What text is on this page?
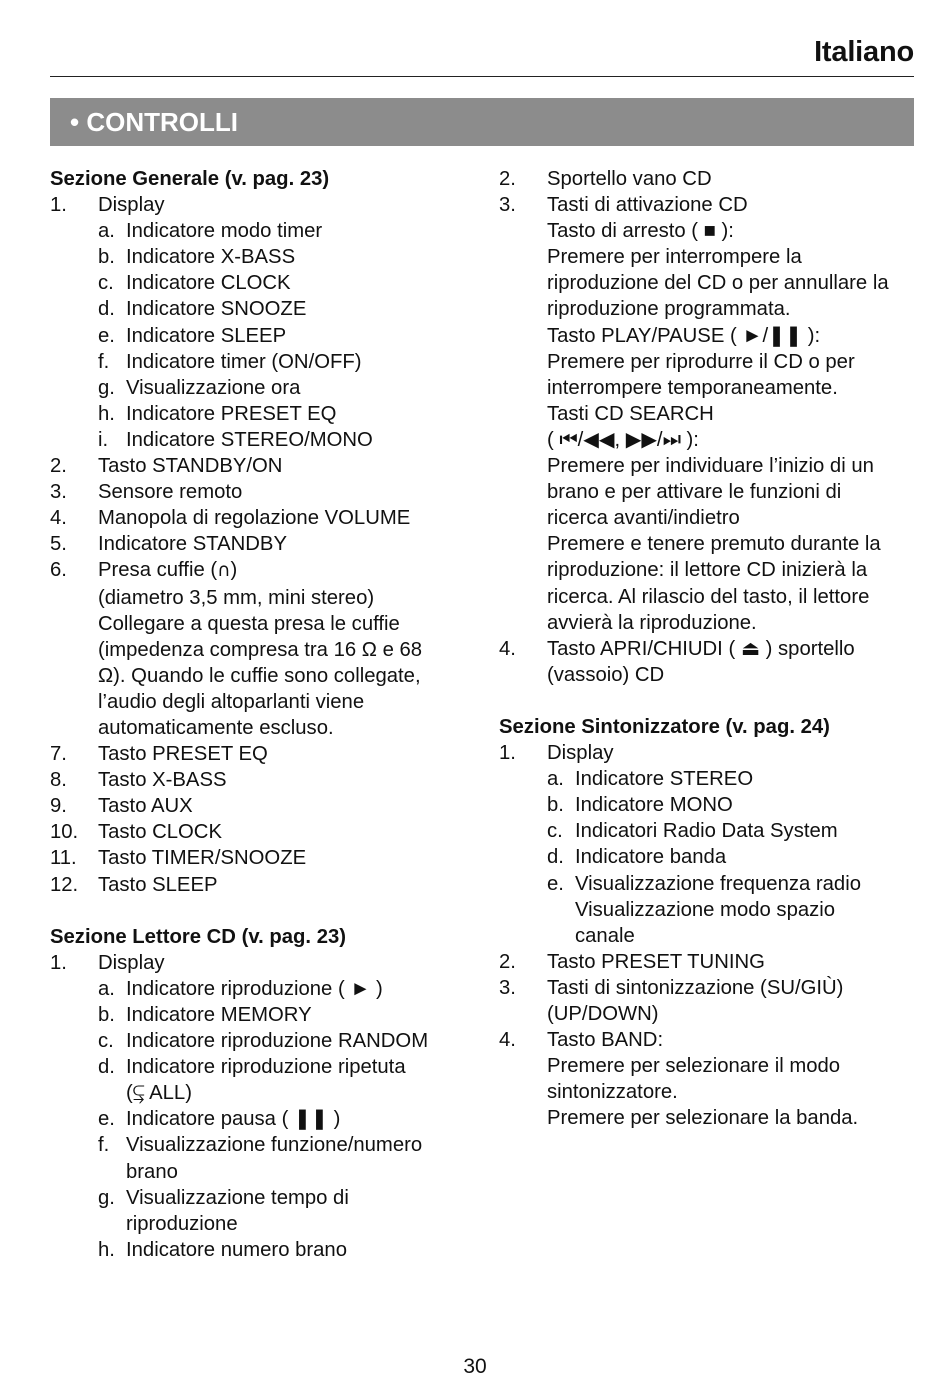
Italiano
• CONTROLLI
Sezione Generale (v. pag. 23)
1.	Display
a. Indicatore modo timer
b. Indicatore X-BASS
c. Indicatore CLOCK
d. Indicatore SNOOZE
e. Indicatore SLEEP
f. Indicatore timer (ON/OFF)
g. Visualizzazione ora
h. Indicatore PRESET EQ
i. Indicatore STEREO/MONO
2.	Tasto STANDBY/ON
3.	Sensore remoto
4.	Manopola di regolazione VOLUME
5.	Indicatore STANDBY
6.	Presa cuffie (∩)
(diametro 3,5 mm, mini stereo)
Collegare a questa presa le cuffie
(impedenza compresa tra 16 Ω e 68
Ω). Quando le cuffie sono collegate,
l’audio degli altoparlanti viene
automaticamente escluso.
7.	Tasto PRESET EQ
8.	Tasto X-BASS
9.	Tasto AUX
10. Tasto CLOCK
11.	Tasto TIMER/SNOOZE
12. Tasto SLEEP
Sezione Lettore CD (v. pag. 23)
1.	Display
a. Indicatore riproduzione ( ► )
b. Indicatore MEMORY
c. Indicatore riproduzione RANDOM
d. Indicatore riproduzione ripetuta
(⥹ ALL)
e. Indicatore pausa ( ❚❚ )
f. Visualizzazione funzione/numero
brano
g. Visualizzazione tempo di
riproduzione
h. Indicatore numero brano
2.	Sportello vano CD
3.	Tasti di attivazione CD
Tasto di arresto ( ■ ):
Premere per interrompere la
riproduzione del CD o per annullare la
riproduzione programmata.
Tasto PLAY/PAUSE ( ►/❚❚ ):
Premere per riprodurre il CD o per
interrompere temporaneamente.
Tasti CD SEARCH
( ⏮/◀◀, ▶▶/⏭ ):
Premere per individuare l’inizio di un
brano e per attivare le funzioni di
ricerca avanti/indietro
Premere e tenere premuto durante la
riproduzione: il lettore CD inizierà la
ricerca. Al rilascio del tasto, il lettore
avvierà la riproduzione.
4.	Tasto APRI/CHIUDI ( ⏏ ) sportello
(vassoio) CD
Sezione Sintonizzatore (v. pag. 24)
1.	Display
a. Indicatore STEREO
b. Indicatore MONO
c. Indicatori Radio Data System
d. Indicatore banda
e. Visualizzazione frequenza radio
Visualizzazione modo spazio
canale
2.	Tasto PRESET TUNING
3.	Tasti di sintonizzazione (SU/GIÙ)
(UP/DOWN)
4.	Tasto BAND:
Premere per selezionare il modo
sintonizzatore.
Premere per selezionare la banda.
30
